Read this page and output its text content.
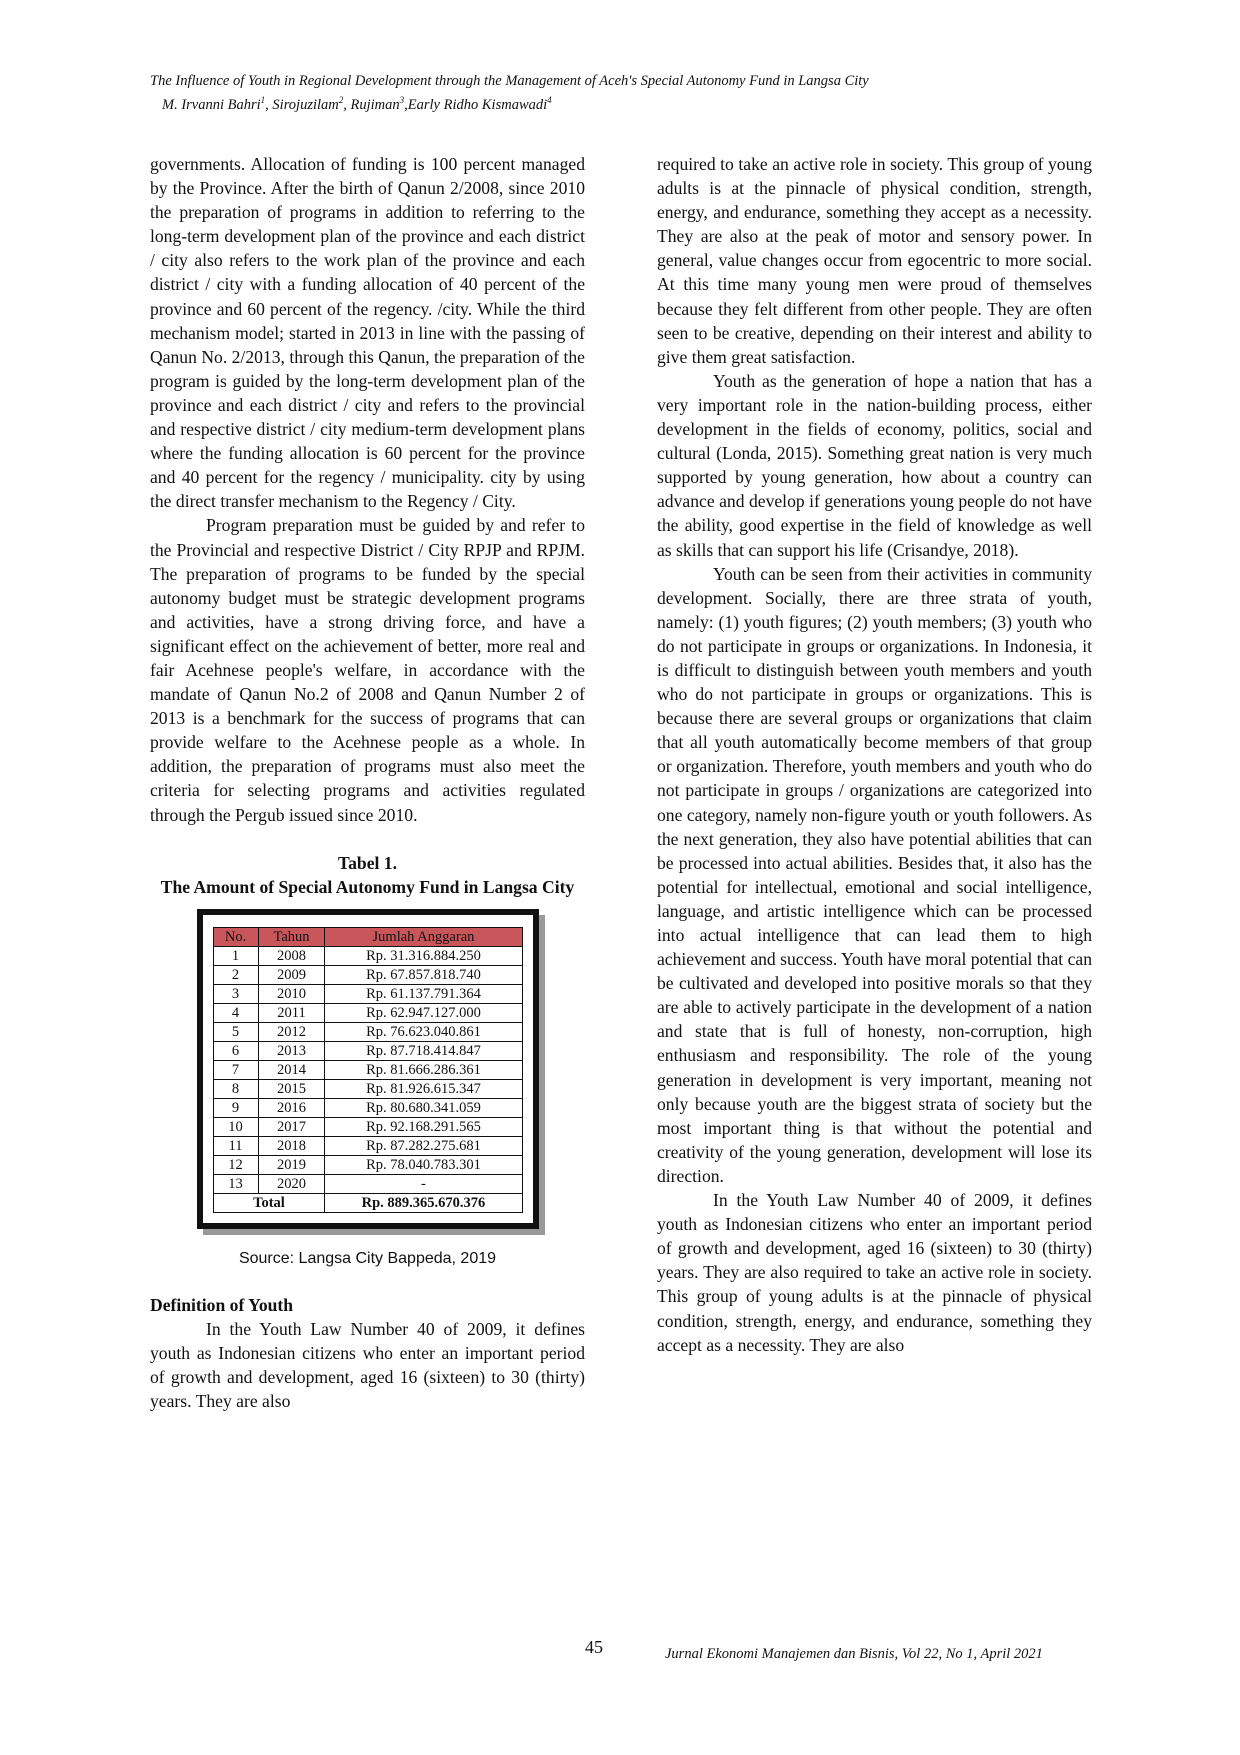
The Influence of Youth in Regional Development through the Management of Aceh's Special Autonomy Fund in Langsa City
M. Irvanni Bahri$^1$, Sirojuzilam$^2$, Rujiman$^3$,Early Ridho Kismawadi$^4$

governments. Allocation of funding is 100 percent managed by the Province. After the birth of Qanun 2/2008, since 2010 the preparation of programs in addition to referring to the long-term development plan of the province and each district / city also refers to the work plan of the province and each district / city with a funding allocation of 40 percent of the province and 60 percent of the regency. /city. While the third mechanism model; started in 2013 in line with the passing of Qanun No. 2/2013, through this Qanun, the preparation of the program is guided by the long-term development plan of the province and each district / city and refers to the provincial and respective district / city medium-term development plans where the funding allocation is 60 percent for the province and 40 percent for the regency / municipality. city by using the direct transfer mechanism to the Regency / City.

Program preparation must be guided by and refer to the Provincial and respective District / City RPJP and RPJM. The preparation of programs to be funded by the special autonomy budget must be strategic development programs and activities, have a strong driving force, and have a significant effect on the achievement of better, more real and fair Acehnese people's welfare, in accordance with the mandate of Qanun No.2 of 2008 and Qanun Number 2 of 2013 is a benchmark for the success of programs that can provide welfare to the Acehnese people as a whole. In addition, the preparation of programs must also meet the criteria for selecting programs and activities regulated through the Pergub issued since 2010.

Tabel 1.
The Amount of Special Autonomy Fund in Langsa City
No.	Tahun	Jumlah Anggaran
1	2008	Rp. 31.316.884.250
2	2009	Rp. 67.857.818.740
3	2010	Rp. 61.137.791.364
4	2011	Rp. 62.947.127.000
5	2012	Rp. 76.623.040.861
6	2013	Rp. 87.718.414.847
7	2014	Rp. 81.666.286.361
8	2015	Rp. 81.926.615.347
9	2016	Rp. 80.680.341.059
10	2017	Rp. 92.168.291.565
11	2018	Rp. 87.282.275.681
12	2019	Rp. 78.040.783.301
13	2020	-
Total		Rp. 889.365.670.376
Source: Langsa City Bappeda, 2019
Definition of Youth

In the Youth Law Number 40 of 2009, it defines youth as Indonesian citizens who enter an important period of growth and development, aged 16 (sixteen) to 30 (thirty) years. They are also

required to take an active role in society. This group of young adults is at the pinnacle of physical condition, strength, energy, and endurance, something they accept as a necessity. They are also at the peak of motor and sensory power. In general, value changes occur from egocentric to more social. At this time many young men were proud of themselves because they felt different from other people. They are often seen to be creative, depending on their interest and ability to give them great satisfaction.

Youth as the generation of hope a nation that has a very important role in the nation-building process, either development in the fields of economy, politics, social and cultural (Londa, 2015). Something great nation is very much supported by young generation, how about a country can advance and develop if generations young people do not have the ability, good expertise in the field of knowledge as well as skills that can support his life (Crisandye, 2018).

Youth can be seen from their activities in community development. Socially, there are three strata of youth, namely: (1) youth figures; (2) youth members; (3) youth who do not participate in groups or organizations. In Indonesia, it is difficult to distinguish between youth members and youth who do not participate in groups or organizations. This is because there are several groups or organizations that claim that all youth automatically become members of that group or organization. Therefore, youth members and youth who do not participate in groups / organizations are categorized into one category, namely non-figure youth or youth followers. As the next generation, they also have potential abilities that can be processed into actual abilities. Besides that, it also has the potential for intellectual, emotional and social intelligence, language, and artistic intelligence which can be processed into actual intelligence that can lead them to high achievement and success. Youth have moral potential that can be cultivated and developed into positive morals so that they are able to actively participate in the development of a nation and state that is full of honesty, non-corruption, high enthusiasm and responsibility. The role of the young generation in development is very important, meaning not only because youth are the biggest strata of society but the most important thing is that without the potential and creativity of the young generation, development will lose its direction.

In the Youth Law Number 40 of 2009, it defines youth as Indonesian citizens who enter an important period of growth and development, aged 16 (sixteen) to 30 (thirty) years. They are also required to take an active role in society. This group of young adults is at the pinnacle of physical condition, strength, energy, and endurance, something they accept as a necessity. They are also

45	Jurnal Ekonomi Manajemen dan Bisnis, Vol 22, No 1, April 2021
